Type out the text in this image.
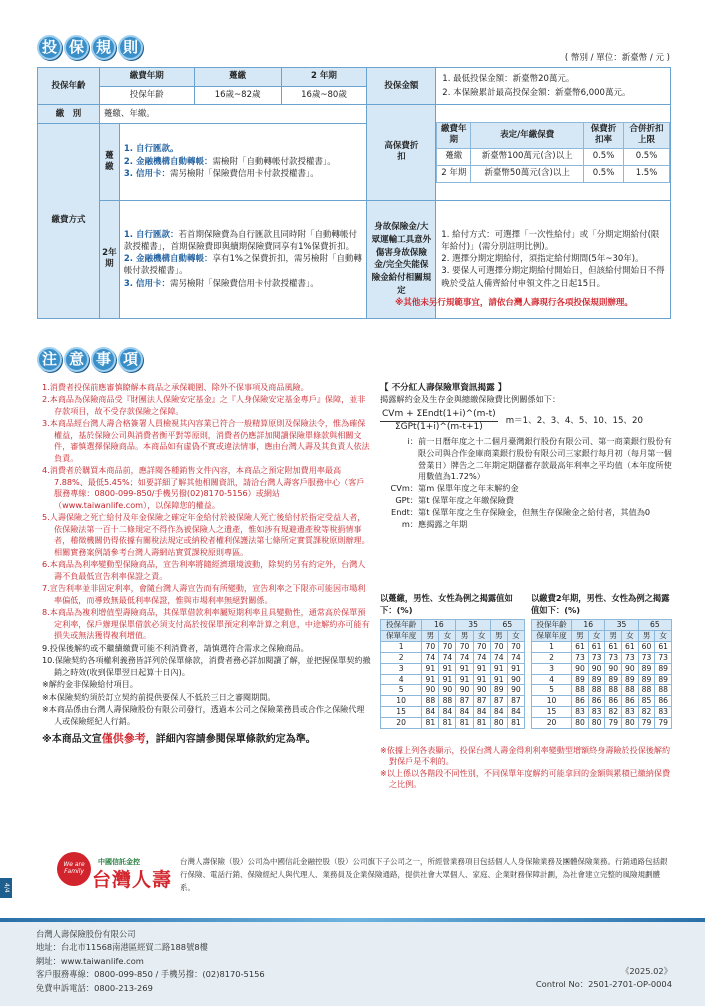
投 保 規 則
( 幣別 / 單位：新臺幣 / 元 )
投保年齡	繳費年期	躉繳	2 年期	投保金額	
1. 最低投保金額：新臺幣20萬元。
2. 本保險累計最高投保金額：新臺幣6,000萬元。

投保年齡	16歲~82歲	16歲~80歲
繳　別	躉繳、年繳。	高保費折　扣	
繳費年期	表定/年繳保費	保費折扣率	合併折扣上限
躉繳	新臺幣100萬元(含)以上	0.5%	0.5%
2 年期	新臺幣50萬元(含)以上	0.5%	1.5%

繳費方式	躉繳	
1. 自行匯款。
2. 金融機構自動轉帳：需檢附「自動轉帳付款授權書」。
3. 信用卡：需另檢附「保險費信用卡付款授權書」。

2年期	
1. 自行匯款：若首期保險費為自行匯款且同時附「自動轉帳付款授權書」，首期保險費即與續期保險費同享有1%保費折扣。
2. 金融機構自動轉帳：享有1%之保費折扣，需另檢附「自動轉帳付款授權書」。
3. 信用卡：需另檢附「保險費信用卡付款授權書」。
	身故保險金/大眾運輸工具意外傷害身故保險金/完全失能保險金給付相關規定	
1. 給付方式：可選擇「一次性給付」或「分期定期給付(限年給付)」(需分別註明比例)。
2. 選擇分期定期給付，須指定給付期間(5年~30年)。
3. 要保人可選擇分期定期給付開始日，但該給付開始日不得晚於受益人備齊給付申領文件之日起15日。
※其他未另行規範事宜，請依台灣人壽現行各項投保規則辦理。
注 意 事 項

1.消費者投保前應審慎瞭解本商品之承保範圍、除外不保事項及商品風險。

2.本商品為保險商品受『財團法人保險安定基金』之『人身保險安定基金專戶』保障，並非存款項目，故不受存款保險之保障。

3.本商品經台灣人壽合格簽署人員檢視其內容業已符合一般精算原則及保險法令，惟為確保權益，基於保險公司與消費者衡平對等原則，消費者仍應詳加閱讀保險單條款與相關文件，審慎選擇保險商品。本商品如有虛偽不實或違法情事，應由台灣人壽及其負責人依法負責。

4.消費者於購買本商品前，應詳閱各種銷售文件內容，本商品之預定附加費用率最高7.88%、最低5.45%；如要詳細了解其他相關資訊，請洽台灣人壽客戶服務中心（客戶服務專線：0800-099-850/手機另撥(02)8170-5156）或網站（www.taiwanlife.com），以保障您的權益。

5.人壽保險之死亡給付及年金保險之確定年金給付於被保險人死亡後給付於指定受益人者，依保險法第一百十二條規定不得作為被保險人之遺產，惟如涉有規避遺產稅等稅捐情事者，稽徵機關仍得依據有關稅法規定或納稅者權利保護法第七條所定實質課稅原則辦理。相關實務案例請參考台灣人壽網站實質課稅原則專區。

6.本商品為利率變動型保險商品，宣告利率將隨經濟環境波動，除契約另有約定外，台灣人壽不負最低宣告利率保證之責。

7.宣告利率並非固定利率，會隨台灣人壽宣告而有所變動，宣告利率之下限亦可能因市場利率偏低，而導致無最低利率保證，惟與市場利率無絕對關係。

8.本商品為複利增值型壽險商品，其保單借款利率屬短期利率且具變動性，通常高於保單預定利率，保戶辦理保單借款必須支付高於按保單預定利率計算之利息，中途解約亦可能有損失或無法獲得複利增值。

9.投保後解約或不繼續繳費可能不利消費者，請慎選符合需求之保險商品。

10.保險契約各項權利義務皆詳列於保單條款，消費者務必詳加閱讀了解，並把握保單契約撤銷之時效(收到保單翌日起算十日內)。

※解約金非保險給付項目。

※本保險契約須於訂立契約前提供要保人不低於三日之審閱期間。

※本商品係由台灣人壽保險股份有限公司發行，透過本公司之保險業務員或合作之保險代理人或保險經紀人行銷。

※本商品文宣僅供參考，詳細內容請參閱保單條款約定為準。

【 不分紅人壽保險單資訊揭露 】

揭露解約金及生存金與總繳保險費比例關係如下：

CVm + ΣEndt(1+i)^(m-t)
ΣGPt(1+i)^(m-t+1)
m＝1、2、3、4、5、10、15、20
i： 前一日曆年度之十二個月臺灣銀行股份有限公司、第一商業銀行股份有限公司與合作金庫商業銀行股份有限公司三家銀行每月初（每月第一個營業日）牌告之二年期定期儲蓄存款最高年利率之平均值（本年度所使用數值為1.72%）
CVm： 第m 保單年度之年末解約金
GPt： 第t 保單年度之年繳保險費
Endt： 第t 保單年度之生存保險金，但無生存保險金之給付者，其值為0
m： 應揭露之年期

以躉繳，男性、女性為例之揭露值如下：(%)

投保年齡	16		35		65	
保單年度	男	女	男	女	男	女
1	70	70	70	70	70	70
2	74	74	74	74	74	74
3	91	91	91	91	91	91
4	91	91	91	91	91	90
5	90	90	90	90	89	90
10	88	88	87	87	87	87
15	84	84	84	84	84	84
20	81	81	81	81	80	81

以繳費2年期，男性、女性為例之揭露值如下：(%)

投保年齡	16		35		65	
保單年度	男	女	男	女	男	女
1	61	61	61	61	60	61
2	73	73	73	73	73	73
3	90	90	90	90	89	89
4	89	89	89	89	89	89
5	88	88	88	88	88	88
10	86	86	86	86	85	86
15	83	83	82	83	82	83
20	80	80	79	80	79	79

※依據上列各表顯示，投保台灣人壽金得利利率變動型增額終身壽險於投保後解約對保戶是不利的。

※以上係以各階段不同性別，不同保單年度解約可能拿回的金額與累積已繳納保費之比例。

4/4
We are Family
中國信託金控
台灣人壽
台灣人壽保險（股）公司為中國信託金融控股（股）公司旗下子公司之一，所經營業務項目包括個人人身保險業務及團體保險業務。行銷通路包括銀行保險、電話行銷、保險經紀人與代理人、業務員及企業保險通路，提供社會大眾個人、家庭、企業財務保障計劃，為社會建立完整的風險規劃體系。

台灣人壽保險股份有限公司

地址：台北市11568南港區經貿二路188號8樓

網址：www.taiwanlife.com

客戶服務專線：0800-099-850 / 手機另撥：(02)8170-5156

免費申訴電話：0800-213-269

《2025.02》

Control No：2501-2701-OP-0004
